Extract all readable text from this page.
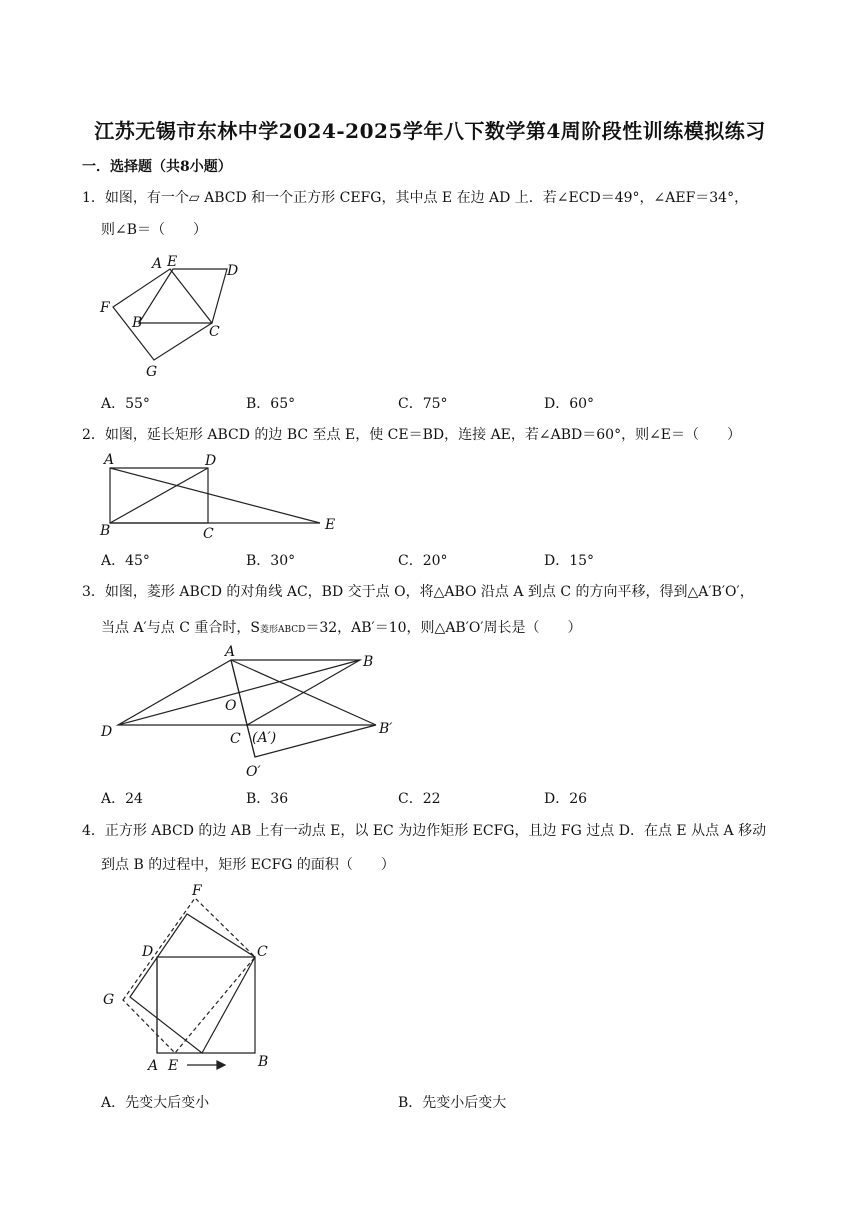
江苏无锡市东林中学2024-2025学年八下数学第4周阶段性训练模拟练习
一．选择题（共8小题）
1．如图，有一个▱ ABCD 和一个正方形 CEFG，其中点 E 在边 AD 上．若∠ECD＝49°，∠AEF＝34°，
则∠B＝（　　）
A E
D
F
B
C
G
A．55°	B．65°	C．75°	D．60°
2．如图，延长矩形 ABCD 的边 BC 至点 E，使 CE＝BD，连接 AE，若∠ABD＝60°，则∠E＝（　　）
A	D
B	C
E
A．45°	B．30°	C．20°	D．15°
3．如图，菱形 ABCD 的对角线 AC，BD 交于点 O，将△ABO 沿点 A 到点 C 的方向平移，得到△A′B′O′，
当点 A′与点 C 重合时，S菱形ABCD＝32，AB′＝10，则△AB′O′周长是（　　）
A
B
O
D	C (A′)
B′
O′
A．24	B．36	C．22	D．26
4．正方形 ABCD 的边 AB 上有一动点 E，以 EC 为边作矩形 ECFG，且边 FG 过点 D．在点 E 从点 A 移动
到点 B 的过程中，矩形 ECFG 的面积（　　）
F
D	C
G
A E	B
A．先变大后变小	B．先变小后变大
